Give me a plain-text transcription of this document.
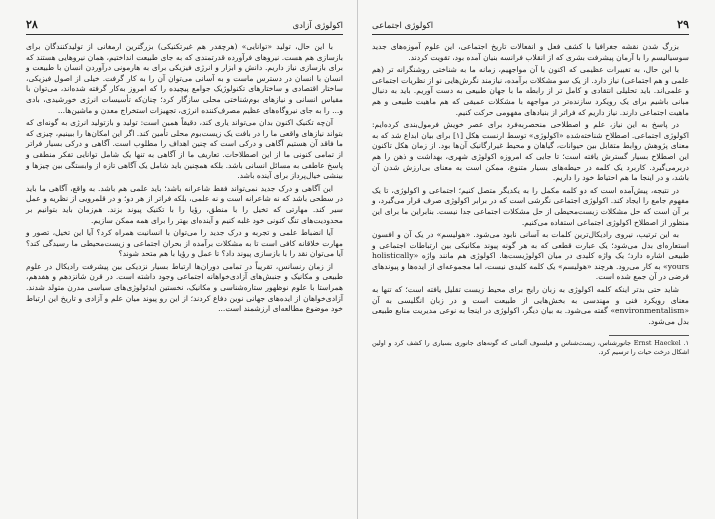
۲۸	اکولوژی آزادی

با این حال، تولید «توانایی» (هرچقدر هم غیرتکنیکی) بزرگترین ارمغانی از تولیدکنندگان برای بازسازی هم هست. نیروهای فرآورده قدرتمندی که به جای طبیعت انداختیم، همان نیروهایی هستند که برای بازسازی نیاز داریم. دانش و ابزار و انرژی فیزیکی برای به هارمونی درآوردن انسان با طبیعت و انسان با انسان در دسترس ماست و به آسانی می‌توان آن را به کار گرفت. خیلی از اصول فیزیکی، ساختار اقتصادی و ساختارهای تکنولوژیک جوامع پیچیده را که امروز به‌کار گرفته شده‌اند، می‌توان با مقیاس انسانی و نیازهای بوم‌شناختی محلی سازگار کرد؛ چنان‌که تأسیسات انرژی خورشیدی، بادی و... را به جای نیروگاه‌های عظیم مصرف‌کننده انرژی، تجهیزات استخراج معدن و ماشین‌ها...

آن‌چه تکنیک اکنون بدان می‌تواند یاری کند، دقیقاً همین است: تولید و بازتولید انرژی به گونه‌ای که بتواند نیازهای واقعی ما را در بافت یک زیست‌بوم محلی تأمین کند. اگر این امکان‌ها را ببینیم، چیزی که ما فاقد آن هستیم آگاهی و درکی است که چنین اهداف را مطلوب است. آگاهی و درکی بسیار فراتر از تمامی کنونی ما از این اصطلاحات. تعاریف ما از آگاهی به تنها یک شامل توانایی تفکر منطقی و پاسخ عاطفی به مسائل انسانی باشد. بلکه همچنین باید شامل یک آگاهی تازه از وابستگی بین چیزها و بینشی خیال‌پرداز برای آینده باشد.

این آگاهی و درک جدید نمی‌تواند فقط شاعرانه باشد؛ باید علمی هم باشد. به واقع، آگاهی ما باید در سطحی باشد که نه شاعرانه است و نه علمی، بلکه فراتر از هر دو؛ و در قلمرویی از نظریه و عمل سیر کند. مهارتی که تخیل را با منطق، رؤیا را با تکنیک پیوند بزند. هم‌زمان باید بتوانیم بر محدودیت‌های تنگ کنونی خود غلبه کنیم و آینده‌ای بهتر را برای همه ممکن سازیم.

آیا انضباط علمی و تجربه و درک جدید را می‌توان با انسانیت همراه کرد؟ آیا این تخیل، تصور و مهارت خلاقانه کافی است تا به مشکلات برآمده از بحران اجتماعی و زیست‌محیطی ما رسیدگی کند؟ آیا می‌توان نقد را با بازسازی پیوند داد؟ تا عمل و رؤیا با هم متحد شوند؟

از زمان رنسانس، تقریباً در تمامی دوران‌ها ارتباط بسیار نزدیکی بین پیشرفت رادیکال در علوم طبیعی و مکانیک و جنبش‌های آزادی‌خواهانه اجتماعی وجود داشته است. در قرن شانزدهم و هفدهم، همراستا با علوم نوظهور ستاره‌شناسی و مکانیک، نخستین ایدئولوژی‌های سیاسی مدرن متولد شدند. آزادی‌خواهان از ایده‌های جهانی نوین دفاع کردند؛ از این رو پیوند میان علم و آزادی و تاریخ این ارتباط خود موضوع مطالعه‌ای ارزشمند است...

اکولوژی اجتماعی	۲۹

بزرگ شدن نقشه جغرافیا با کشف فعل و انفعالات تاریخ اجتماعی، این علوم آموزه‌های جدید سوسیالیسم را با آرمان پیشرفت بشری که از انقلاب فرانسه بنیان آمده بود، تقویت کردند.

با این حال، به تغییرات عظیمی که اکنون با آن مواجهیم، زمانه ما به شناختی روشنگرانه تر (هم علمی و هم اجتماعی) نیاز دارد. از یک سو مشکلات برآمده، نیازمند نگرش‌هایی نو از نظریات اجتماعی و علمی‌اند. باید تحلیلی انتقادی و کامل تر از رابطه ما با جهان طبیعی به دست آوریم. باید به دنبال مبانی باشیم برای یک رویکرد سازنده‌تر در مواجهه با مشکلات عمیقی که هم ماهیت طبیعی و هم ماهیت اجتماعی دارند. نیاز داریم که فراتر از بنیادهای مفهومی حرکت کنیم.

در پاسخ به این نیاز، علم و اصطلاحی منحصربه‌فرد برای عصر خویش فرمول‌بندی کرده‌ایم: اکولوژی اجتماعی. اصطلاح شناخته‌شده «اکولوژی» توسط ارنست هکل [۱] برای بیان ابداع شد که به معنای پژوهش روابط متقابل بین حیوانات، گیاهان و محیط غیرارگانیک آن‌ها بود. از زمان هکل تاکنون این اصطلاح بسیار گسترش یافته است؛ تا جایی که امروزه اکولوژی شهری، بهداشت و ذهن را هم دربرمی‌گیرد. کاربرد یک کلمه در حیطه‌های بسیار متنوع، ممکن است به معنای بی‌ارزش شدن آن باشد، و در اینجا ما هم احتیاط خود را داریم.

در نتیجه، پیش‌آمده است که دو کلمه مکمل را به یکدیگر متصل کنیم؛ اجتماعی و اکولوژی، تا یک مفهوم جامع را ایجاد کند. اکولوژی اجتماعی نگرشی است که در برابر اکولوژی صرف قرار می‌گیرد، و بر آن است که حل مشکلات زیست‌محیطی از حل مشکلات اجتماعی جدا نیست. بنابراین ما برای این منظور از اصطلاح اکولوژی اجتماعی استفاده می‌کنیم.

به این ترتیب، نیروی رادیکال‌ترین کلمات به آسانی نابود می‌شود. «هولیسم» در یک آن و افسون استعاره‌ای بدل می‌شود؛ یک عبارت قطعی که به هر گونه پیوند مکانیکی بین ارتباطات اجتماعی و طبیعی اشاره دارد؛ یک واژه کلیدی در میان اکولوژیست‌ها. اکولوژی هم مانند واژه «holistically yours» به کار می‌رود. هرچند «هولیسم» یک کلمه کلیدی نیست، اما مجموعه‌ای از ایده‌ها و پیوندهای فرضی در آن جمع شده است.

شاید حتی بدتر اینکه کلمه اکولوژی به زبان رایج برای محیط زیست تقلیل یافته است؛ که تنها به معنای رویکرد فنی و مهندسی به بخش‌هایی از طبیعت است و در زبان انگلیسی به آن «environmentalism» گفته می‌شود. به بیان دیگر، اکولوژی در اینجا به نوعی مدیریت منابع طبیعی بدل می‌شود.

۱. Ernst Haeckel جانورشناس، زیست‌شناس و فیلسوف آلمانی که گونه‌های جانوری بسیاری را کشف کرد و اولین اشکال درخت حیات را ترسیم کرد.
